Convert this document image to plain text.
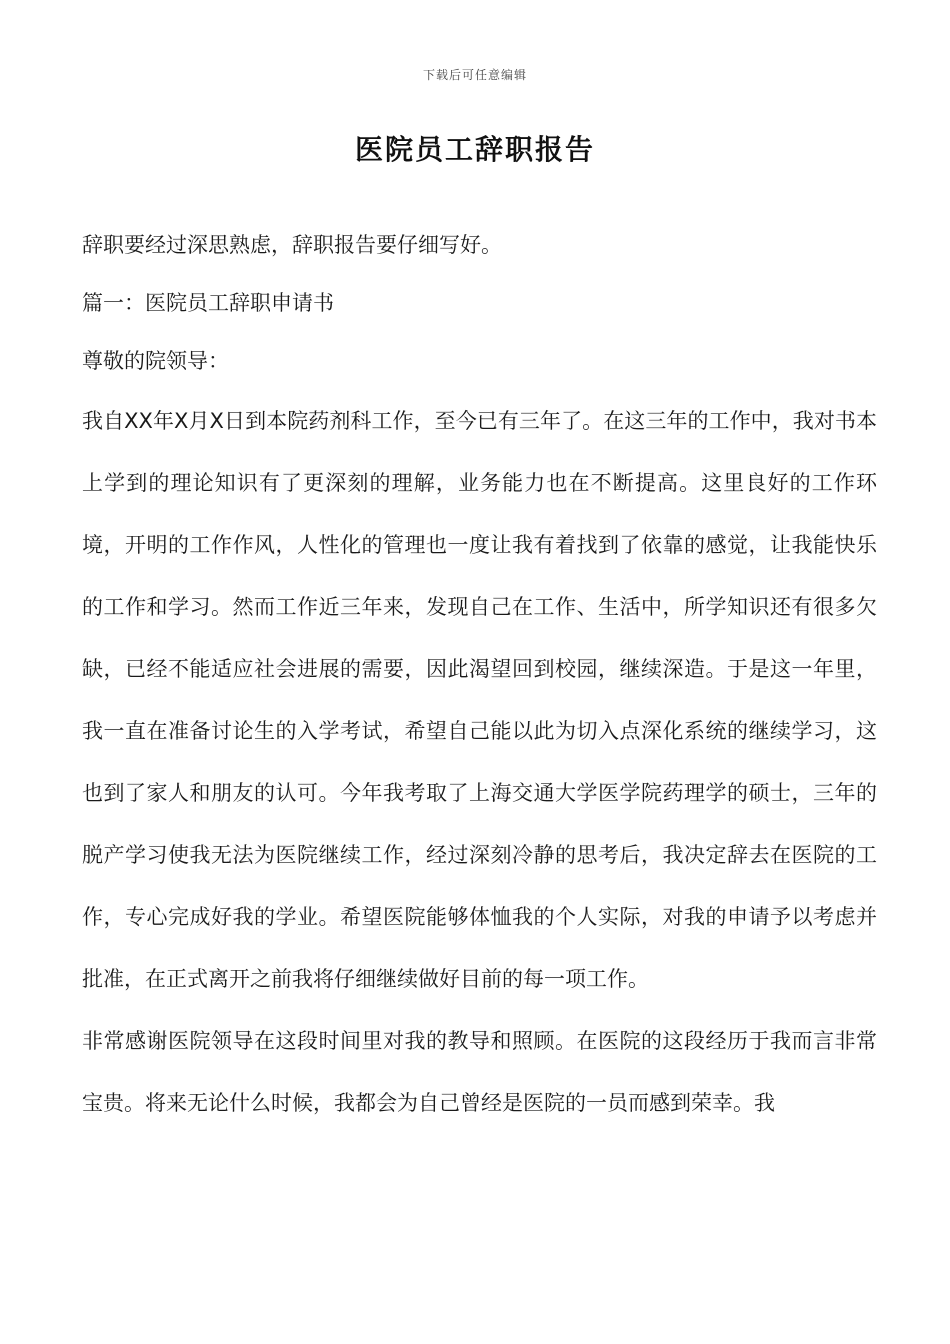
下载后可任意编辑
医院员工辞职报告

辞职要经过深思熟虑，辞职报告要仔细写好。

篇一：医院员工辞职申请书

尊敬的院领导：

我自XX年X月X日到本院药剂科工作，至今已有三年了。在这三年的工作中，我对书本上学到的理论知识有了更深刻的理解，业务能力也在不断提高。这里良好的工作环境，开明的工作作风，人性化的管理也一度让我有着找到了依靠的感觉，让我能快乐的工作和学习。然而工作近三年来，发现自己在工作、生活中，所学知识还有很多欠缺，已经不能适应社会进展的需要，因此渴望回到校园，继续深造。于是这一年里，我一直在准备讨论生的入学考试，希望自己能以此为切入点深化系统的继续学习，这也到了家人和朋友的认可。今年我考取了上海交通大学医学院药理学的硕士，三年的脱产学习使我无法为医院继续工作，经过深刻冷静的思考后，我决定辞去在医院的工作，专心完成好我的学业。希望医院能够体恤我的个人实际，对我的申请予以考虑并批准，在正式离开之前我将仔细继续做好目前的每一项工作。

非常感谢医院领导在这段时间里对我的教导和照顾。在医院的这段经历于我而言非常宝贵。将来无论什么时候，我都会为自己曾经是医院的一员而感到荣幸。我
